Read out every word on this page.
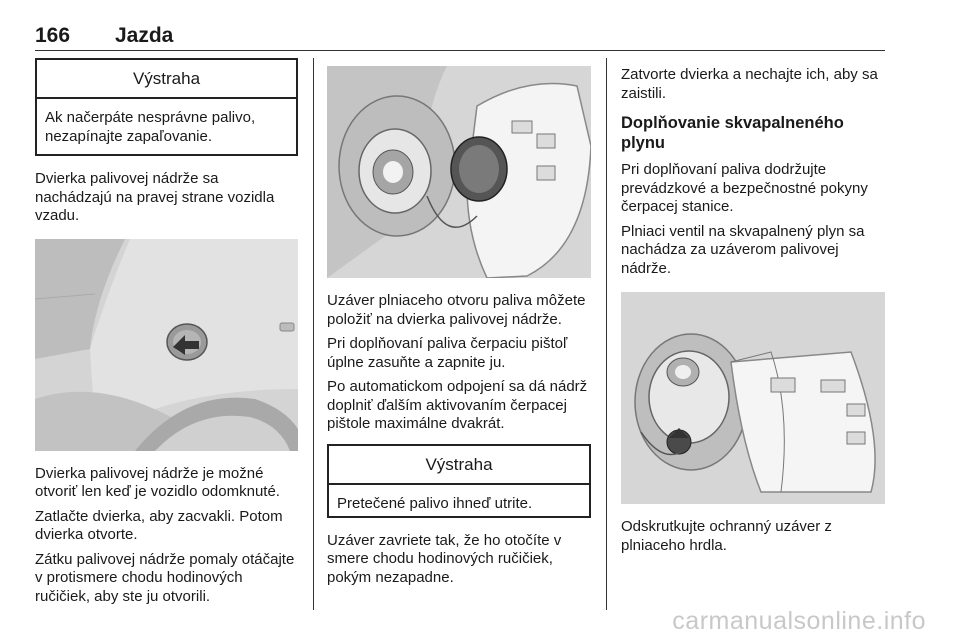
166 Jazda
Výstraha
Ak načerpáte nesprávne palivo, nezapínajte zapaľovanie.

Dvierka palivovej nádrže sa nachádzajú na pravej strane vozidla vzadu.

Dvierka palivovej nádrže je možné otvoriť len keď je vozidlo odomknuté.

Zatlačte dvierka, aby zacvakli. Potom dvierka otvorte.

Zátku palivovej nádrže pomaly otáčajte v protismere chodu hodinových ručičiek, aby ste ju otvorili.

Uzáver plniaceho otvoru paliva môžete položiť na dvierka palivovej nádrže.

Pri doplňovaní paliva čerpaciu pištoľ úplne zasuňte a zapnite ju.

Po automatickom odpojení sa dá nádrž doplniť ďalším aktivovaním čerpacej pištole maximálne dvakrát.

Výstraha
Pretečené palivo ihneď utrite.

Uzáver zavriete tak, že ho otočíte v smere chodu hodinových ručičiek, pokým nezapadne.

Zatvorte dvierka a nechajte ich, aby sa zaistili.

Doplňovanie skvapalneného plynu

Pri doplňovaní paliva dodržujte prevádzkové a bezpečnostné pokyny čerpacej stanice.

Plniaci ventil na skvapalnený plyn sa nachádza za uzáverom palivovej nádrže.

Odskrutkujte ochranný uzáver z plniaceho hrdla.

carmanualsonline.info
